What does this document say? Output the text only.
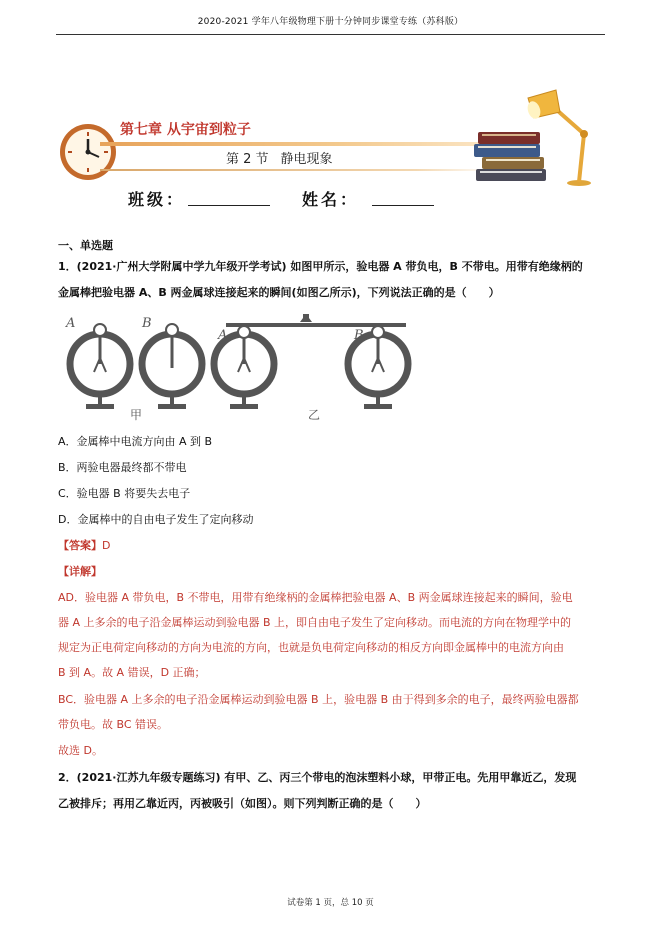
2020-2021 学年八年级物理下册十分钟同步课堂专练（苏科版）
第七章 从宇宙到粒子
第 2 节 静电现象
班级：	姓名：
一、单选题
1．(2021·广州大学附属中学九年级开学考试) 如图甲所示，验电器 A 带负电，B 不带电。用带有绝缘柄的
金属棒把验电器 A、B 两金属球连接起来的瞬间(如图乙所示)，下列说法正确的是（　　）
A	B
A	B
甲	乙
A．金属棒中电流方向由 A 到 B
B．两验电器最终都不带电
C．验电器 B 将要失去电子
D．金属棒中的自由电子发生了定向移动
【答案】D
【详解】
AD．验电器 A 带负电，B 不带电，用带有绝缘柄的金属棒把验电器 A、B 两金属球连接起来的瞬间，验电
器 A 上多余的电子沿金属棒运动到验电器 B 上，即自由电子发生了定向移动。而电流的方向在物理学中的
规定为正电荷定向移动的方向为电流的方向，也就是负电荷定向移动的相反方向即金属棒中的电流方向由
B 到 A。故 A 错误，D 正确；
BC．验电器 A 上多余的电子沿金属棒运动到验电器 B 上，验电器 B 由于得到多余的电子，最终两验电器都
带负电。故 BC 错误。
故选 D。
2．(2021·江苏九年级专题练习) 有甲、乙、丙三个带电的泡沫塑料小球，甲带正电。先用甲靠近乙，发现
乙被排斥；再用乙靠近丙，丙被吸引（如图）。则下列判断正确的是（　　）
试卷第 1 页，总 10 页
